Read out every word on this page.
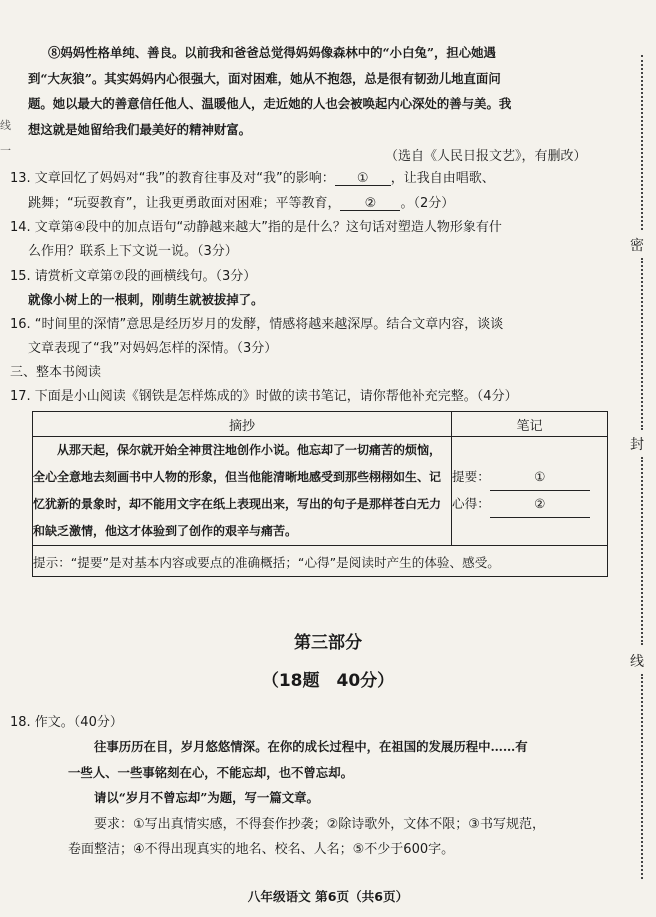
⑧妈妈性格单纯、善良。以前我和爸爸总觉得妈妈像森林中的“小白兔”，担心她遇
到“大灰狼”。其实妈妈内心很强大，面对困难，她从不抱怨，总是很有韧劲儿地直面问
题。她以最大的善意信任他人、温暖他人，走近她的人也会被唤起内心深处的善与美。我
想这就是她留给我们最美好的精神财富。
（选自《人民日报文艺》，有删改）
13. 文章回忆了妈妈对“我”的教育往事及对“我”的影响： ① ，让我自由唱歌、
跳舞；“玩耍教育”，让我更勇敢面对困难；平等教育， ② 。（2分）
14. 文章第④段中的加点语句“动静越来越大”指的是什么？这句话对塑造人物形象有什
么作用？联系上下文说一说。（3分）
15. 请赏析文章第⑦段的画横线句。（3分）
就像小树上的一根刺，刚萌生就被拔掉了。
16. “时间里的深情”意思是经历岁月的发酵，情感将越来越深厚。结合文章内容，谈谈
文章表现了“我”对妈妈怎样的深情。（3分）
三、整本书阅读
17. 下面是小山阅读《钢铁是怎样炼成的》时做的读书笔记，请你帮他补充完整。（4分）
摘抄	笔记
从那天起，保尔就开始全神贯注地创作小说。他忘却了一切痛苦的烦恼，全心全意地去刻画书中人物的形象，但当他能清晰地感受到那些栩栩如生、记忆犹新的景象时，却不能用文字在纸上表现出来，写出的句子是那样苍白无力和缺乏激情，他这才体验到了创作的艰辛与痛苦。	提要： ①
心得： ②

提示：“提要”是对基本内容或要点的准确概括；“心得”是阅读时产生的体验、感受。	
第三部分
（18题　40分）
18. 作文。（40分）
往事历历在目，岁月悠悠情深。在你的成长过程中，在祖国的发展历程中……有
一些人、一些事铭刻在心，不能忘却，也不曾忘却。
请以“岁月不曾忘却”为题，写一篇文章。
要求：①写出真情实感，不得套作抄袭；②除诗歌外，文体不限；③书写规范，
卷面整洁；④不得出现真实的地名、校名、人名；⑤不少于600字。
八年级语文 第6页（共6页）
密
封
线
线
一
